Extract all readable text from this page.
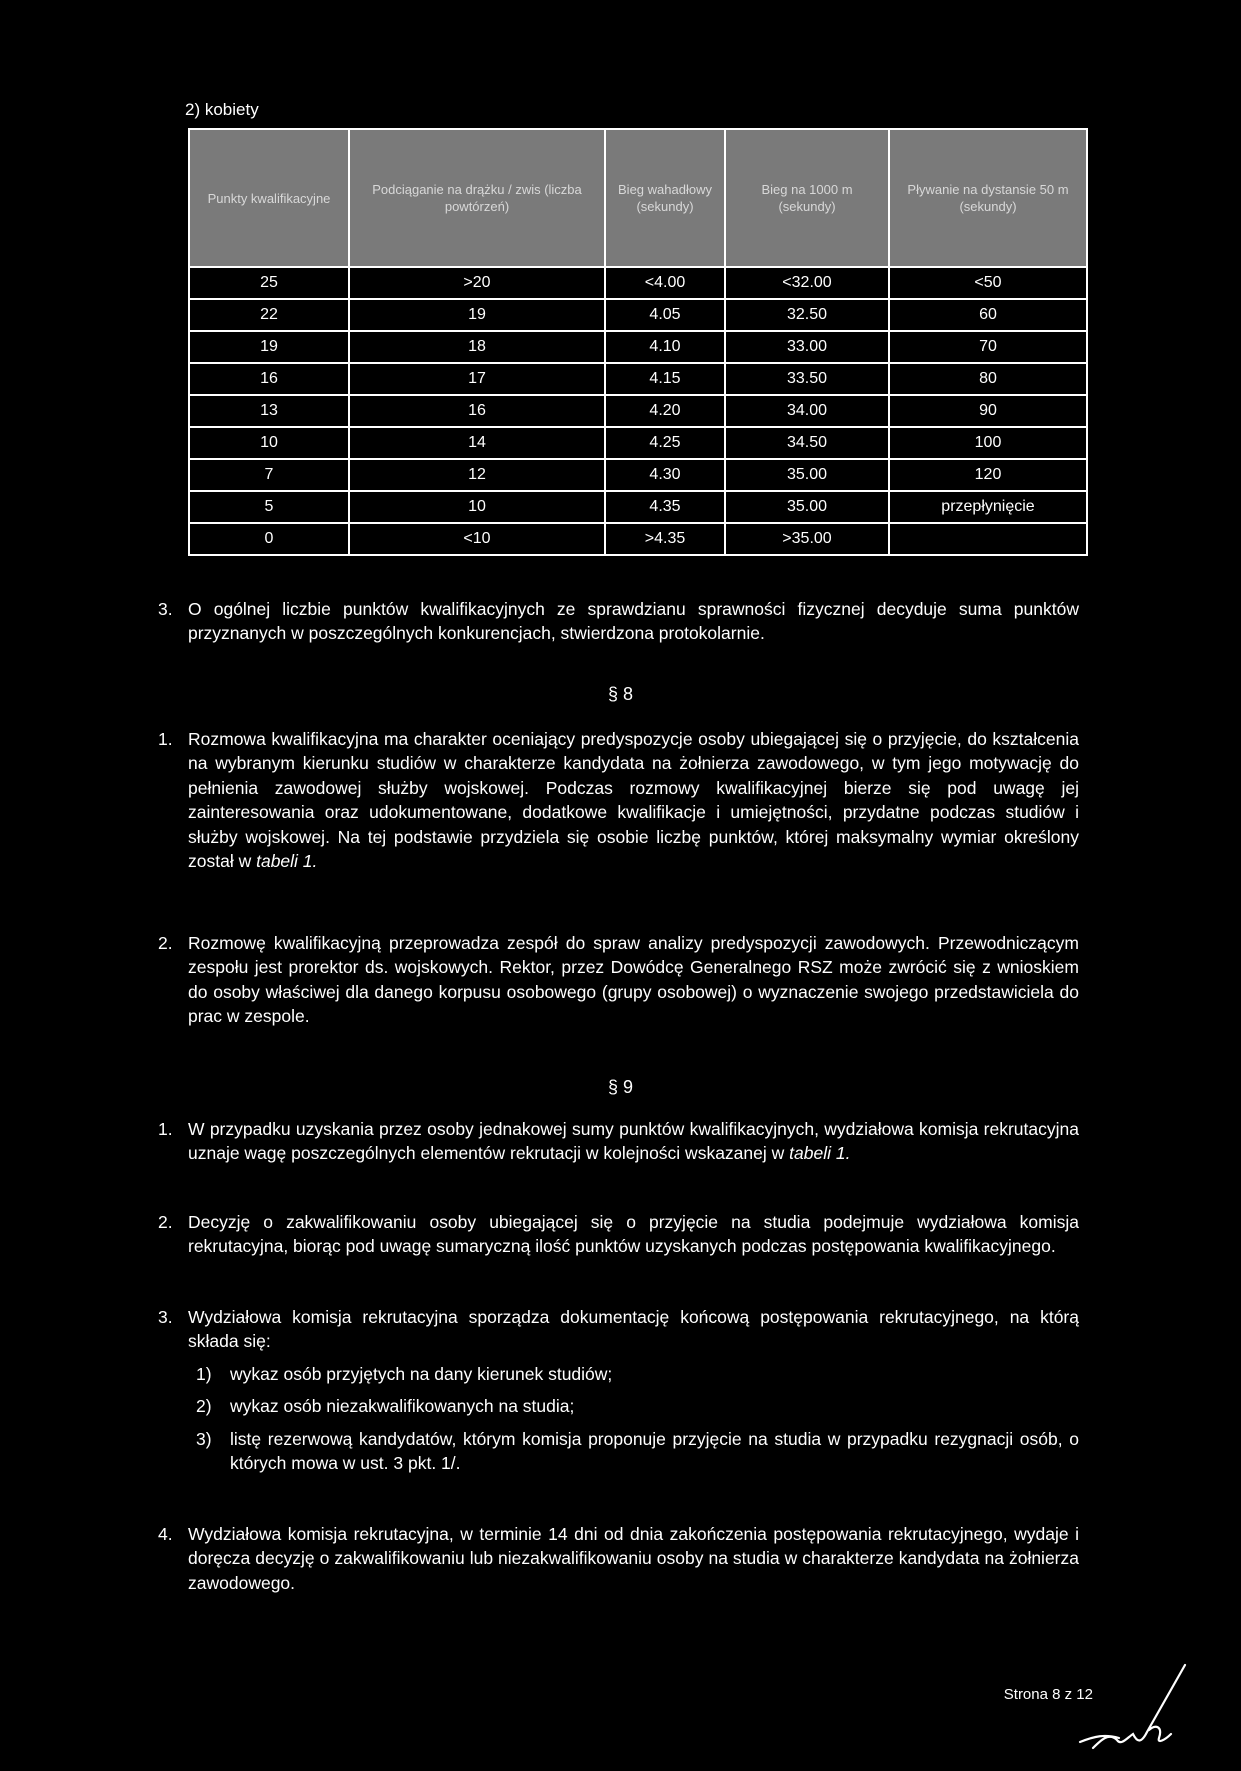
2) kobiety
Punkty kwalifikacyjne	Podciąganie na drążku / zwis (liczba powtórzeń)	Bieg wahadłowy (sekundy)	Bieg na 1000 m (sekundy)	Pływanie na dystansie 50 m (sekundy)
25	>20	<4.00	<32.00	<50
22	19	4.05	32.50	60
19	18	4.10	33.00	70
16	17	4.15	33.50	80
13	16	4.20	34.00	90
10	14	4.25	34.50	100
7	12	4.30	35.00	120
5	10	4.35	35.00	przepłynięcie
0	<10	>4.35	>35.00	
3. O ogólnej liczbie punktów kwalifikacyjnych ze sprawdzianu sprawności fizycznej decyduje suma punktów przyznanych w poszczególnych konkurencjach, stwierdzona protokolarnie.
§ 8
1. Rozmowa kwalifikacyjna ma charakter oceniający predyspozycje osoby ubiegającej się o przyjęcie, do kształcenia na wybranym kierunku studiów w charakterze kandydata na żołnierza zawodowego, w tym jego motywację do pełnienia zawodowej służby wojskowej. Podczas rozmowy kwalifikacyjnej bierze się pod uwagę jej zainteresowania oraz udokumentowane, dodatkowe kwalifikacje i umiejętności, przydatne podczas studiów i służby wojskowej. Na tej podstawie przydziela się osobie liczbę punktów, której maksymalny wymiar określony został w tabeli 1.
2. Rozmowę kwalifikacyjną przeprowadza zespół do spraw analizy predyspozycji zawodowych. Przewodniczącym zespołu jest prorektor ds. wojskowych. Rektor, przez Dowódcę Generalnego RSZ może zwrócić się z wnioskiem do osoby właściwej dla danego korpusu osobowego (grupy osobowej) o wyznaczenie swojego przedstawiciela do prac w zespole.
§ 9
1. W przypadku uzyskania przez osoby jednakowej sumy punktów kwalifikacyjnych, wydziałowa komisja rekrutacyjna uznaje wagę poszczególnych elementów rekrutacji w kolejności wskazanej w tabeli 1.
2. Decyzję o zakwalifikowaniu osoby ubiegającej się o przyjęcie na studia podejmuje wydziałowa komisja rekrutacyjna, biorąc pod uwagę sumaryczną ilość punktów uzyskanych podczas postępowania kwalifikacyjnego.
3. Wydziałowa komisja rekrutacyjna sporządza dokumentację końcową postępowania rekrutacyjnego, na którą składa się:
1) wykaz osób przyjętych na dany kierunek studiów;
2) wykaz osób niezakwalifikowanych na studia;
3) listę rezerwową kandydatów, którym komisja proponuje przyjęcie na studia w przypadku rezygnacji osób, o których mowa w ust. 3 pkt. 1/.
4. Wydziałowa komisja rekrutacyjna, w terminie 14 dni od dnia zakończenia postępowania rekrutacyjnego, wydaje i doręcza decyzję o zakwalifikowaniu lub niezakwalifikowaniu osoby na studia w charakterze kandydata na żołnierza zawodowego.
Strona 8 z 12
